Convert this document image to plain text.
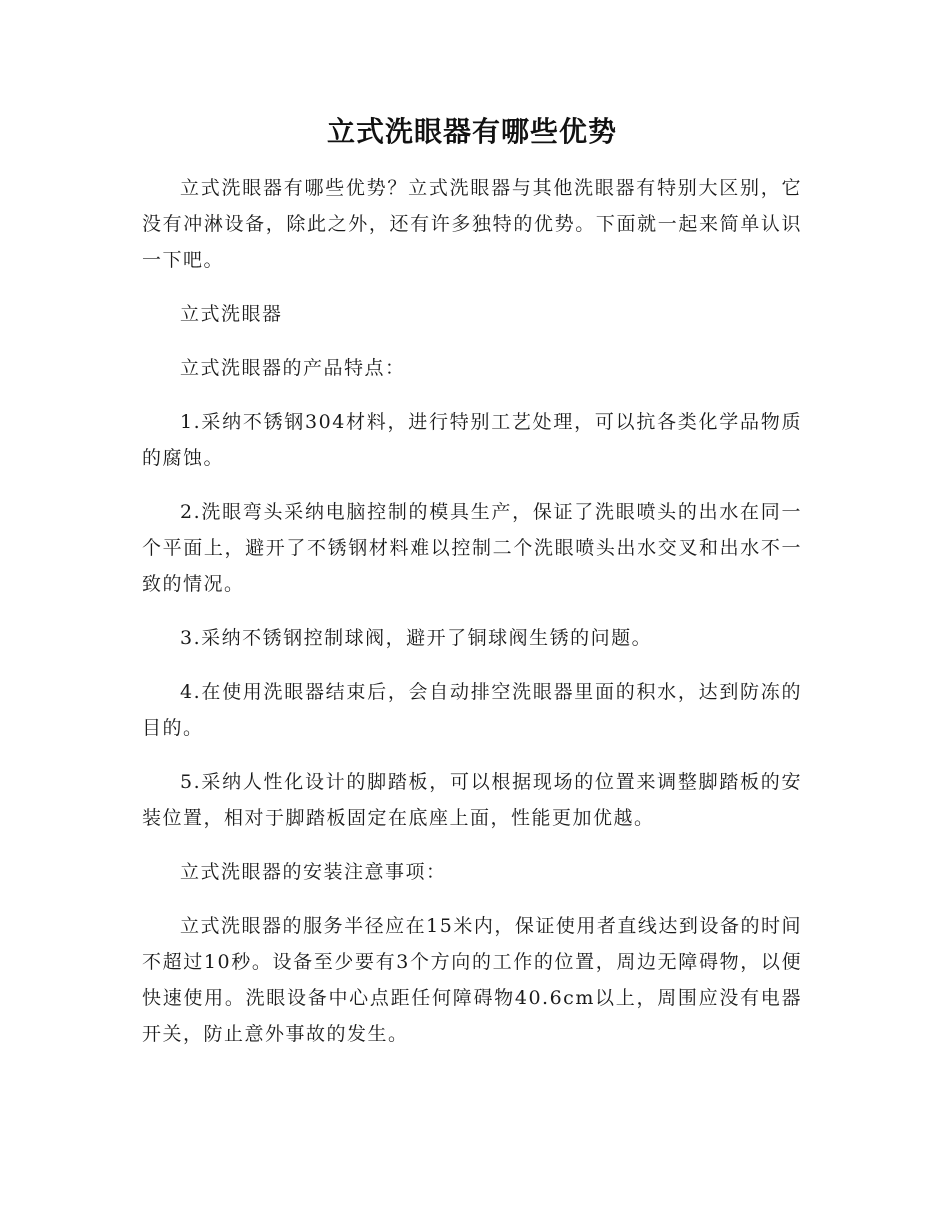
立式洗眼器有哪些优势

立式洗眼器有哪些优势？立式洗眼器与其他洗眼器有特别大区别，它没有冲淋设备，除此之外，还有许多独特的优势。下面就一起来简单认识一下吧。

立式洗眼器

立式洗眼器的产品特点：

1.采纳不锈钢304材料，进行特别工艺处理，可以抗各类化学品物质的腐蚀。

2.洗眼弯头采纳电脑控制的模具生产，保证了洗眼喷头的出水在同一个平面上，避开了不锈钢材料难以控制二个洗眼喷头出水交叉和出水不一致的情况。

3.采纳不锈钢控制球阀，避开了铜球阀生锈的问题。

4.在使用洗眼器结束后，会自动排空洗眼器里面的积水，达到防冻的目的。

5.采纳人性化设计的脚踏板，可以根据现场的位置来调整脚踏板的安装位置，相对于脚踏板固定在底座上面，性能更加优越。

立式洗眼器的安装注意事项：

立式洗眼器的服务半径应在15米内，保证使用者直线达到设备的时间不超过10秒。设备至少要有3个方向的工作的位置，周边无障碍物，以便快速使用。洗眼设备中心点距任何障碍物40.6cm以上，周围应没有电器开关，防止意外事故的发生。
